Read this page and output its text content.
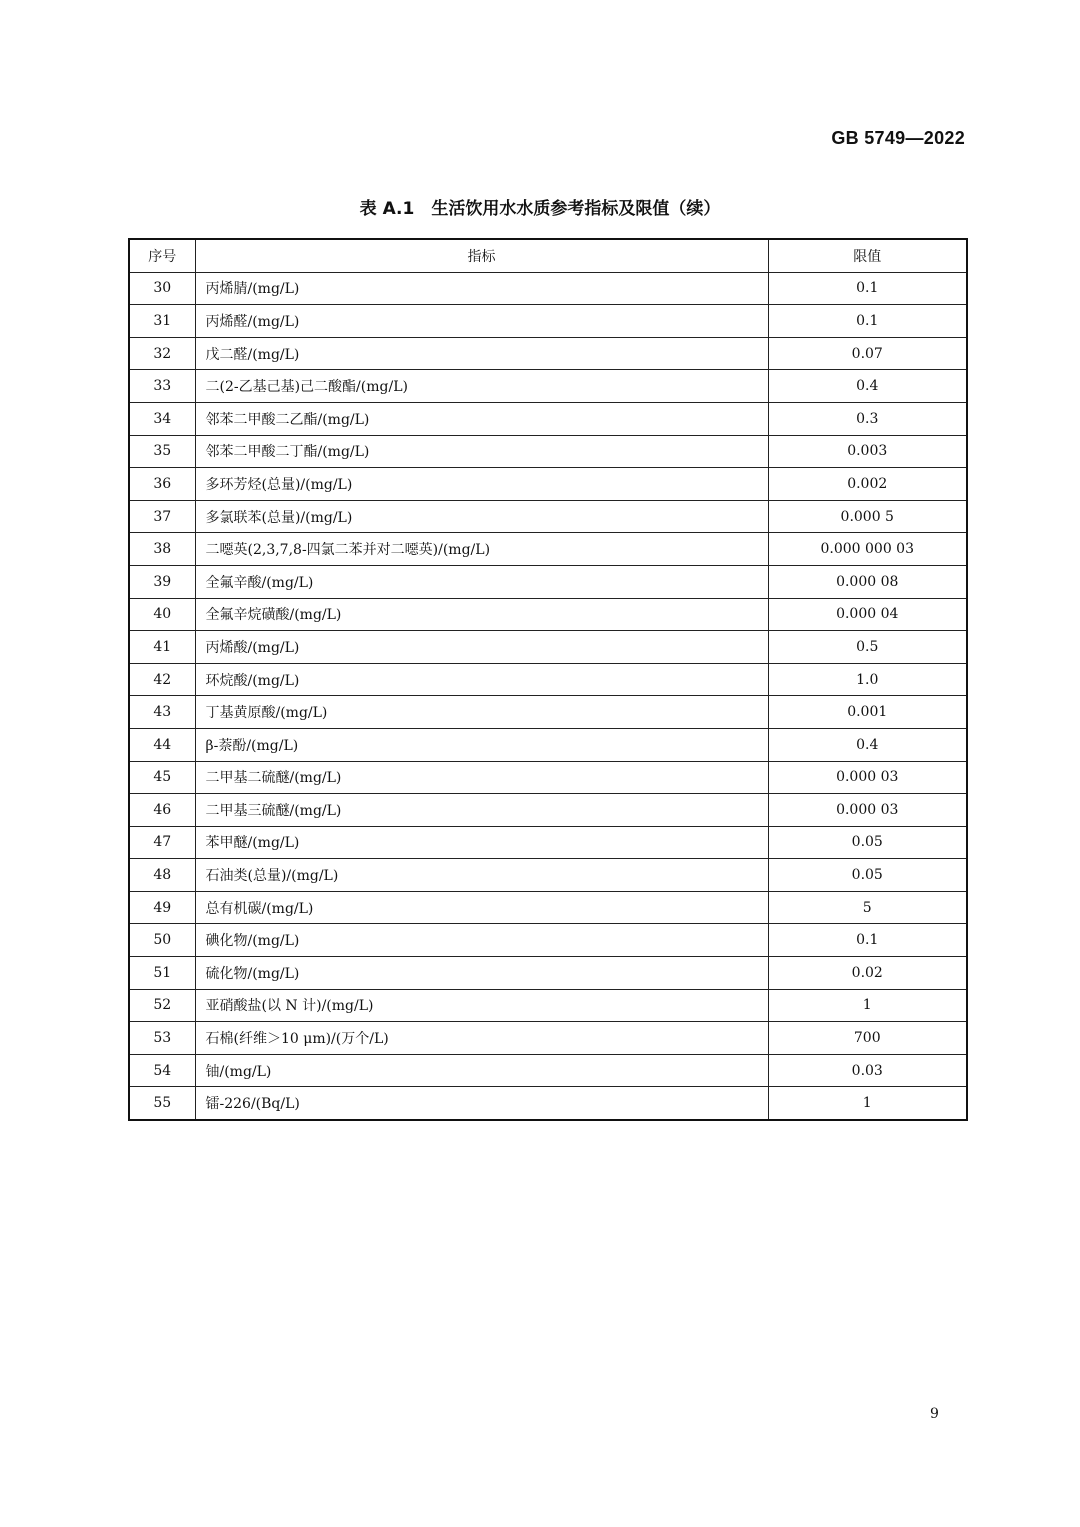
GB 5749—2022
表 A.1　生活饮用水水质参考指标及限值（续）
序号	指标	限值
30	丙烯腈/(mg/L)	0.1
31	丙烯醛/(mg/L)	0.1
32	戊二醛/(mg/L)	0.07
33	二(2-乙基己基)己二酸酯/(mg/L)	0.4
34	邻苯二甲酸二乙酯/(mg/L)	0.3
35	邻苯二甲酸二丁酯/(mg/L)	0.003
36	多环芳烃(总量)/(mg/L)	0.002
37	多氯联苯(总量)/(mg/L)	0.000 5
38	二噁英(2,3,7,8-四氯二苯并对二噁英)/(mg/L)	0.000 000 03
39	全氟辛酸/(mg/L)	0.000 08
40	全氟辛烷磺酸/(mg/L)	0.000 04
41	丙烯酸/(mg/L)	0.5
42	环烷酸/(mg/L)	1.0
43	丁基黄原酸/(mg/L)	0.001
44	β-萘酚/(mg/L)	0.4
45	二甲基二硫醚/(mg/L)	0.000 03
46	二甲基三硫醚/(mg/L)	0.000 03
47	苯甲醚/(mg/L)	0.05
48	石油类(总量)/(mg/L)	0.05
49	总有机碳/(mg/L)	5
50	碘化物/(mg/L)	0.1
51	硫化物/(mg/L)	0.02
52	亚硝酸盐(以 N 计)/(mg/L)	1
53	石棉(纤维＞10 μm)/(万个/L)	700
54	铀/(mg/L)	0.03
55	镭-226/(Bq/L)	1
9
